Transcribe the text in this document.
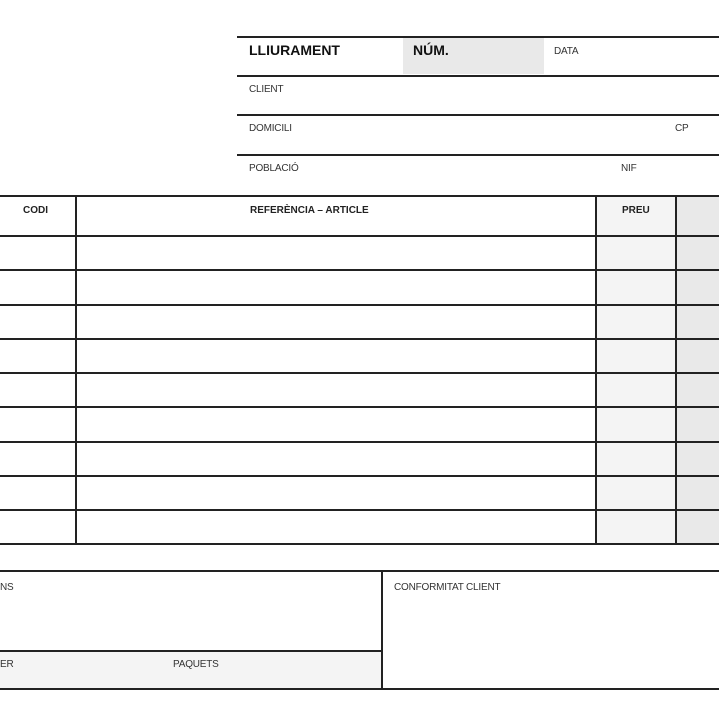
LLIURAMENT	NÚM.	DATA
CLIENT
DOMICILI	CP
POBLACIÓ	NIF
CODI	REFERÈNCIA – ARTICLE	PREU
NS
ER	PAQUETS
CONFORMITAT CLIENT
